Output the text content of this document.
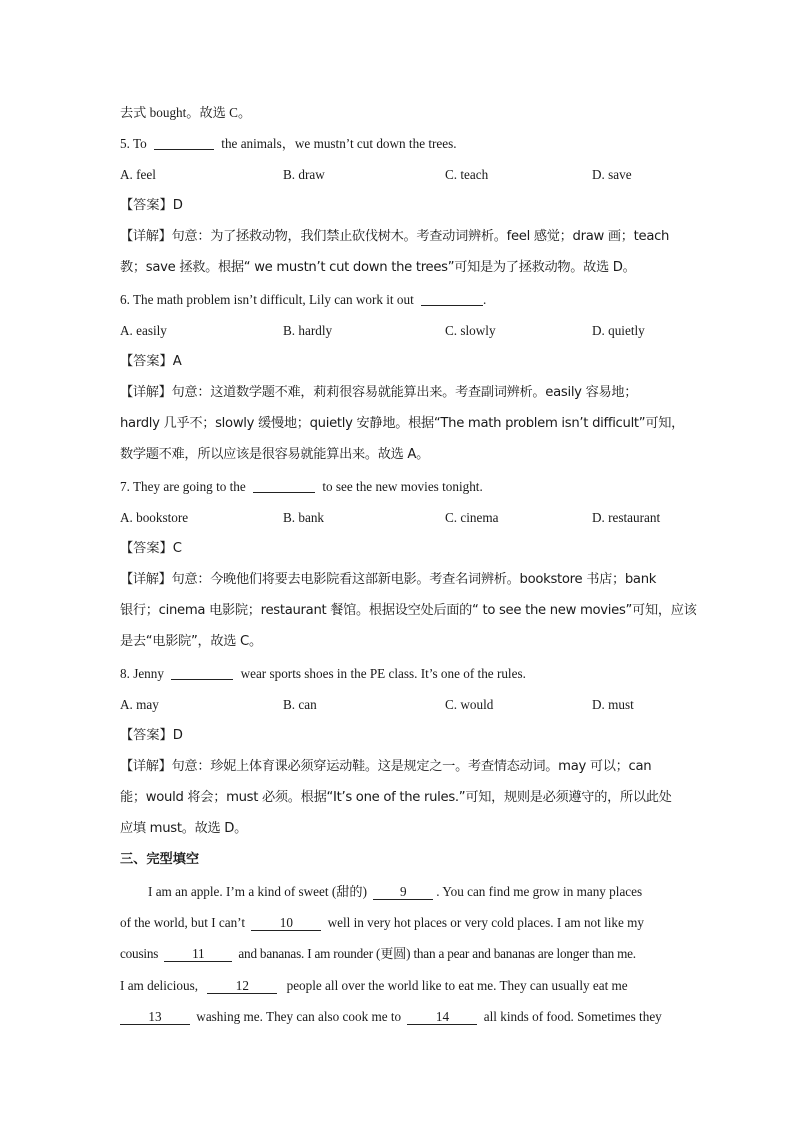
去式 bought。故选 C。
5. To	the animals，we mustn’t cut down the trees.
A. feel	B. draw	C. teach	D. save
【答案】D
【详解】句意：为了拯救动物，我们禁止砍伐树木。考查动词辨析。feel 感觉；draw 画；teach
教；save 拯救。根据“ we mustn’t cut down the trees”可知是为了拯救动物。故选 D。
6. The math problem isn’t difficult, Lily can work it out	.
A. easily	B. hardly	C. slowly	D. quietly
【答案】A
【详解】句意：这道数学题不难，莉莉很容易就能算出来。考查副词辨析。easily 容易地；
hardly 几乎不；slowly 缓慢地；quietly 安静地。根据“The math problem isn’t difficult”可知，
数学题不难，所以应该是很容易就能算出来。故选 A。
7. They are going to the	to see the new movies tonight.
A. bookstore	B. bank	C. cinema	D. restaurant
【答案】C
【详解】句意：今晚他们将要去电影院看这部新电影。考查名词辨析。bookstore 书店；bank
银行；cinema 电影院；restaurant 餐馆。根据设空处后面的“ to see the new movies”可知，应该
是去“电影院”，故选 C。
8. Jenny	wear sports shoes in the PE class. It’s one of the rules.
A. may	B. can	C. would	D. must
【答案】D
【详解】句意：珍妮上体育课必须穿运动鞋。这是规定之一。考查情态动词。may 可以；can
能；would 将会；must 必须。根据“It’s one of the rules.”可知，规则是必须遵守的，所以此处
应填 must。故选 D。
三、完型填空
I am an apple. I’m a kind of sweet (甜的)	9 . You can find me grow in many places
of the world, but I can’t	10	well in very hot places or very cold places. I am not like my
cousins	11	and bananas. I am rounder (更圆) than a pear and bananas are longer than me.
I am delicious,	12	people all over the world like to eat me. They can usually eat me
13	washing me. They can also cook me to	14	all kinds of food. Sometimes they
